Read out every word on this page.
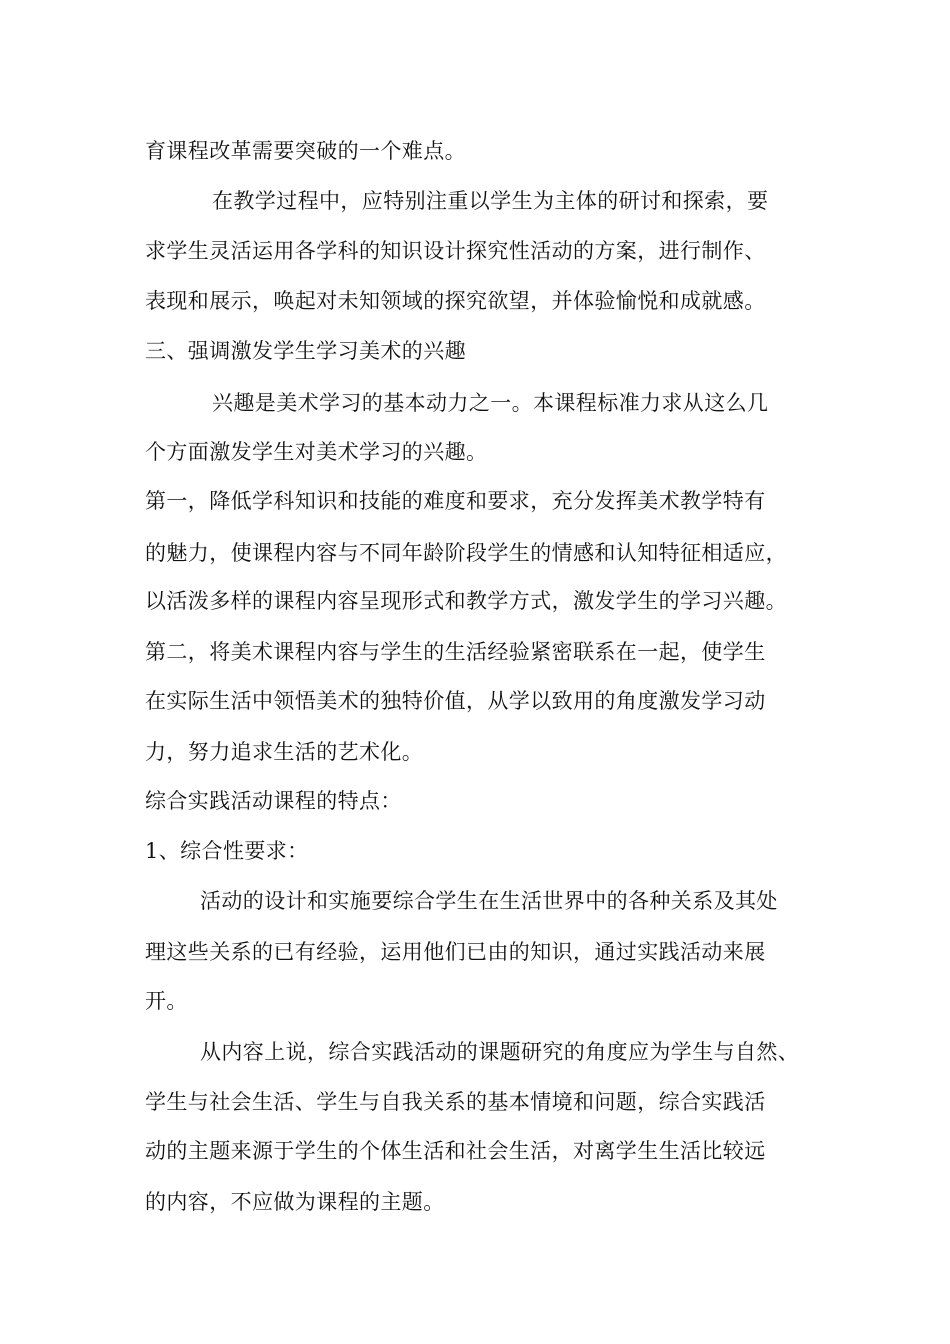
育课程改革需要突破的一个难点。
在教学过程中，应特别注重以学生为主体的研讨和探索，要
求学生灵活运用各学科的知识设计探究性活动的方案，进行制作、
表现和展示，唤起对未知领域的探究欲望，并体验愉悦和成就感。
三、强调激发学生学习美术的兴趣
兴趣是美术学习的基本动力之一。本课程标准力求从这么几
个方面激发学生对美术学习的兴趣。
第一，降低学科知识和技能的难度和要求，充分发挥美术教学特有
的魅力，使课程内容与不同年龄阶段学生的情感和认知特征相适应，
以活泼多样的课程内容呈现形式和教学方式，激发学生的学习兴趣。
第二，将美术课程内容与学生的生活经验紧密联系在一起，使学生
在实际生活中领悟美术的独特价值，从学以致用的角度激发学习动
力，努力追求生活的艺术化。
综合实践活动课程的特点：
1、综合性要求：
活动的设计和实施要综合学生在生活世界中的各种关系及其处
理这些关系的已有经验，运用他们已由的知识，通过实践活动来展
开。
从内容上说，综合实践活动的课题研究的角度应为学生与自然、
学生与社会生活、学生与自我关系的基本情境和问题，综合实践活
动的主题来源于学生的个体生活和社会生活，对离学生生活比较远
的内容，不应做为课程的主题。
